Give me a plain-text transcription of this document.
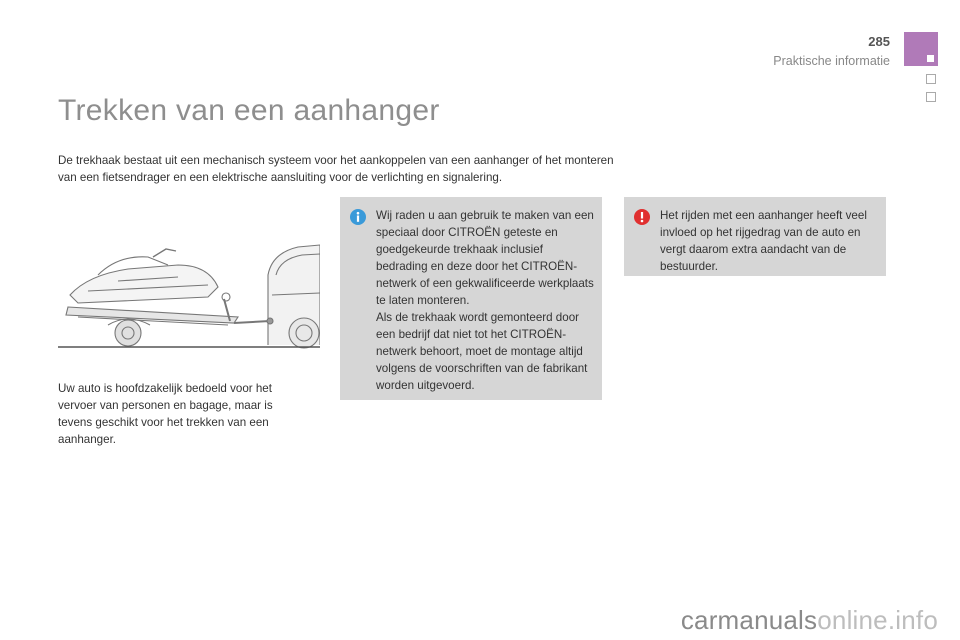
285
Praktische informatie
Trekken van een aanhanger
De trekhaak bestaat uit een mechanisch systeem voor het aankoppelen van een aanhanger of het monteren van een fietsendrager en een elektrische aansluiting voor de verlichting en signalering.
Uw auto is hoofdzakelijk bedoeld voor het vervoer van personen en bagage, maar is tevens geschikt voor het trekken van een aanhanger.
Wij raden u aan gebruik te maken van een speciaal door CITROËN geteste en goedgekeurde trekhaak inclusief bedrading en deze door het CITROËN-netwerk of een gekwalificeerde werkplaats te laten monteren.
Als de trekhaak wordt gemonteerd door een bedrijf dat niet tot het CITROËN-netwerk behoort, moet de montage altijd volgens de voorschriften van de fabrikant worden uitgevoerd.
Het rijden met een aanhanger heeft veel invloed op het rijgedrag van de auto en vergt daarom extra aandacht van de bestuurder.
carmanualsonline.info
